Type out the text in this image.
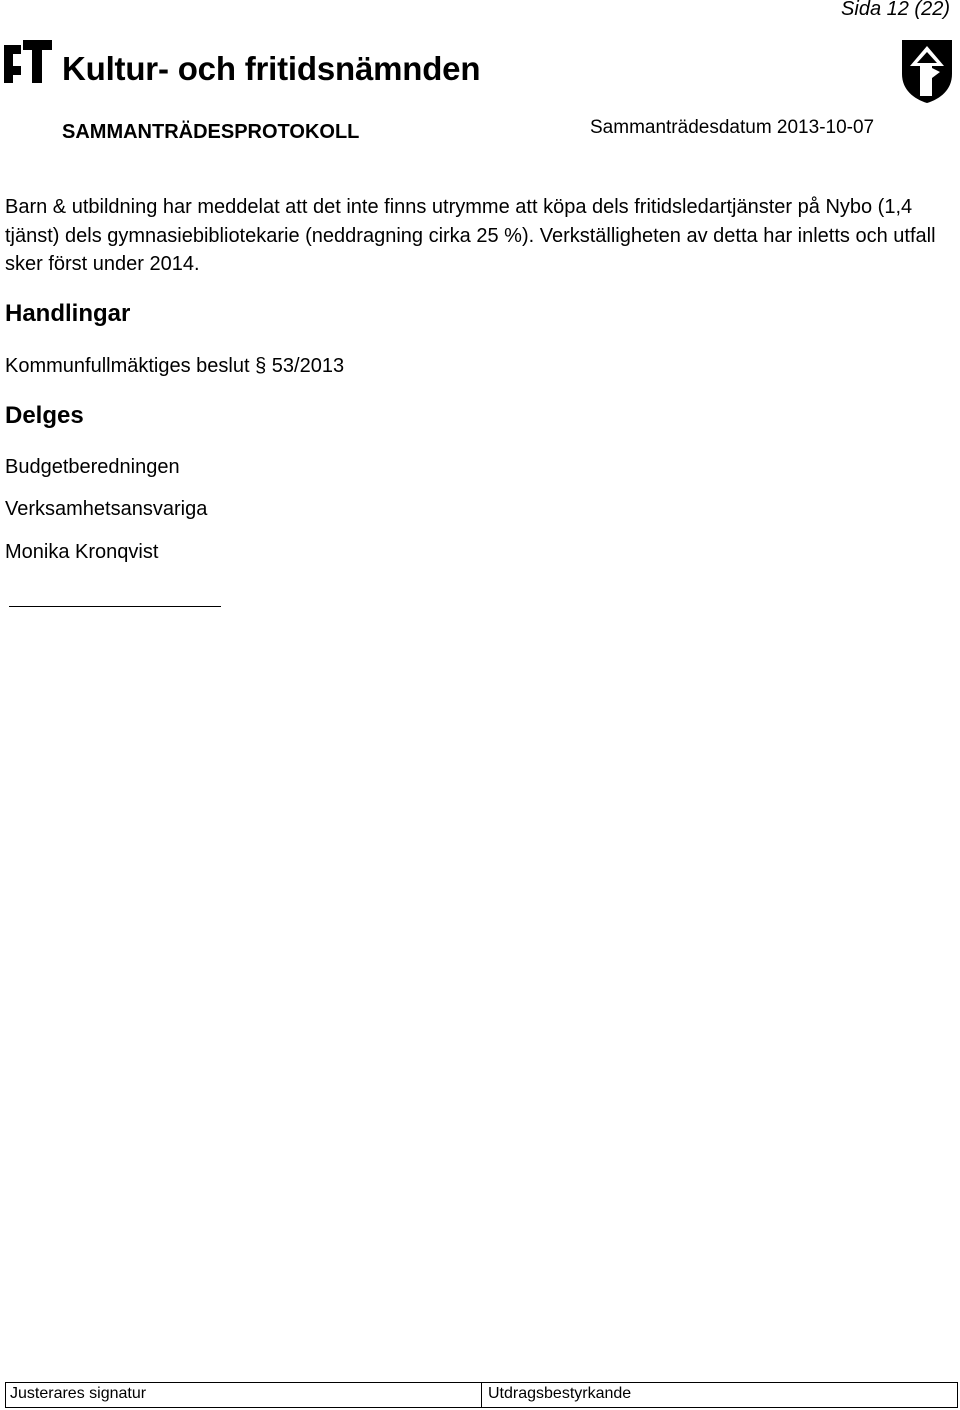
Sida 12 (22)
Kultur- och fritidsnämnden
SAMMANTRÄDESPROTOKOLL	Sammanträdesdatum 2013-10-07

Barn & utbildning har meddelat att det inte finns utrymme att köpa dels fritidsledartjänster på Nybo (1,4 tjänst) dels gymnasiebibliotekarie (neddragning cirka 25 %). Verkställigheten av detta har inletts och utfall sker först under 2014.

Handlingar

Kommunfullmäktiges beslut § 53/2013

Delges

Budgetberedningen

Verksamhetsansvariga

Monika Kronqvist

Justerares signatur	Utdragsbestyrkande
